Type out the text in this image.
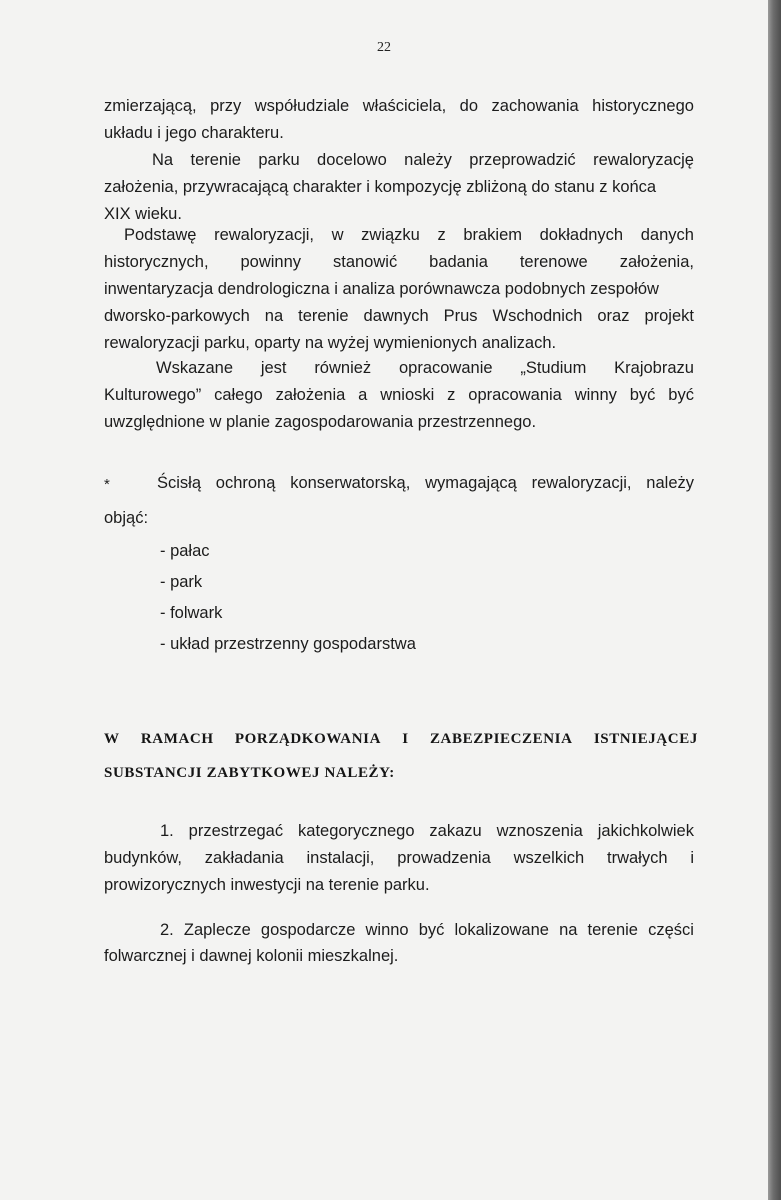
22
zmierzającą, przy współudziale właściciela, do zachowania historycznego
układu i jego charakteru.
Na terenie parku docelowo należy przeprowadzić rewaloryzację
założenia, przywracającą charakter i kompozycję zbliżoną do stanu z końca
XIX wieku.
Podstawę rewaloryzacji, w związku z brakiem dokładnych danych
historycznych, powinny stanowić badania terenowe założenia,
inwentaryzacja dendrologiczna i analiza porównawcza podobnych zespołów
dworsko-parkowych na terenie dawnych Prus Wschodnich oraz projekt
rewaloryzacji parku, oparty na wyżej wymienionych analizach.
Wskazane jest również opracowanie „Studium Krajobrazu
Kulturowego” całego założenia a wnioski z opracowania winny być być
uwzględnione w planie zagospodarowania przestrzennego.
*	Ścisłą ochroną konserwatorską, wymagającą rewaloryzacji, należy
objąć:
- pałac
- park
- folwark
- układ przestrzenny gospodarstwa
W RAMACH PORZĄDKOWANIA I ZABEZPIECZENIA ISTNIEJĄCEJ
SUBSTANCJI ZABYTKOWEJ NALEŻY:
1. przestrzegać kategorycznego zakazu wznoszenia jakichkolwiek
budynków, zakładania instalacji, prowadzenia wszelkich trwałych i
prowizorycznych inwestycji na terenie parku.
2. Zaplecze gospodarcze winno być lokalizowane na terenie części
folwarcznej i dawnej kolonii mieszkalnej.
